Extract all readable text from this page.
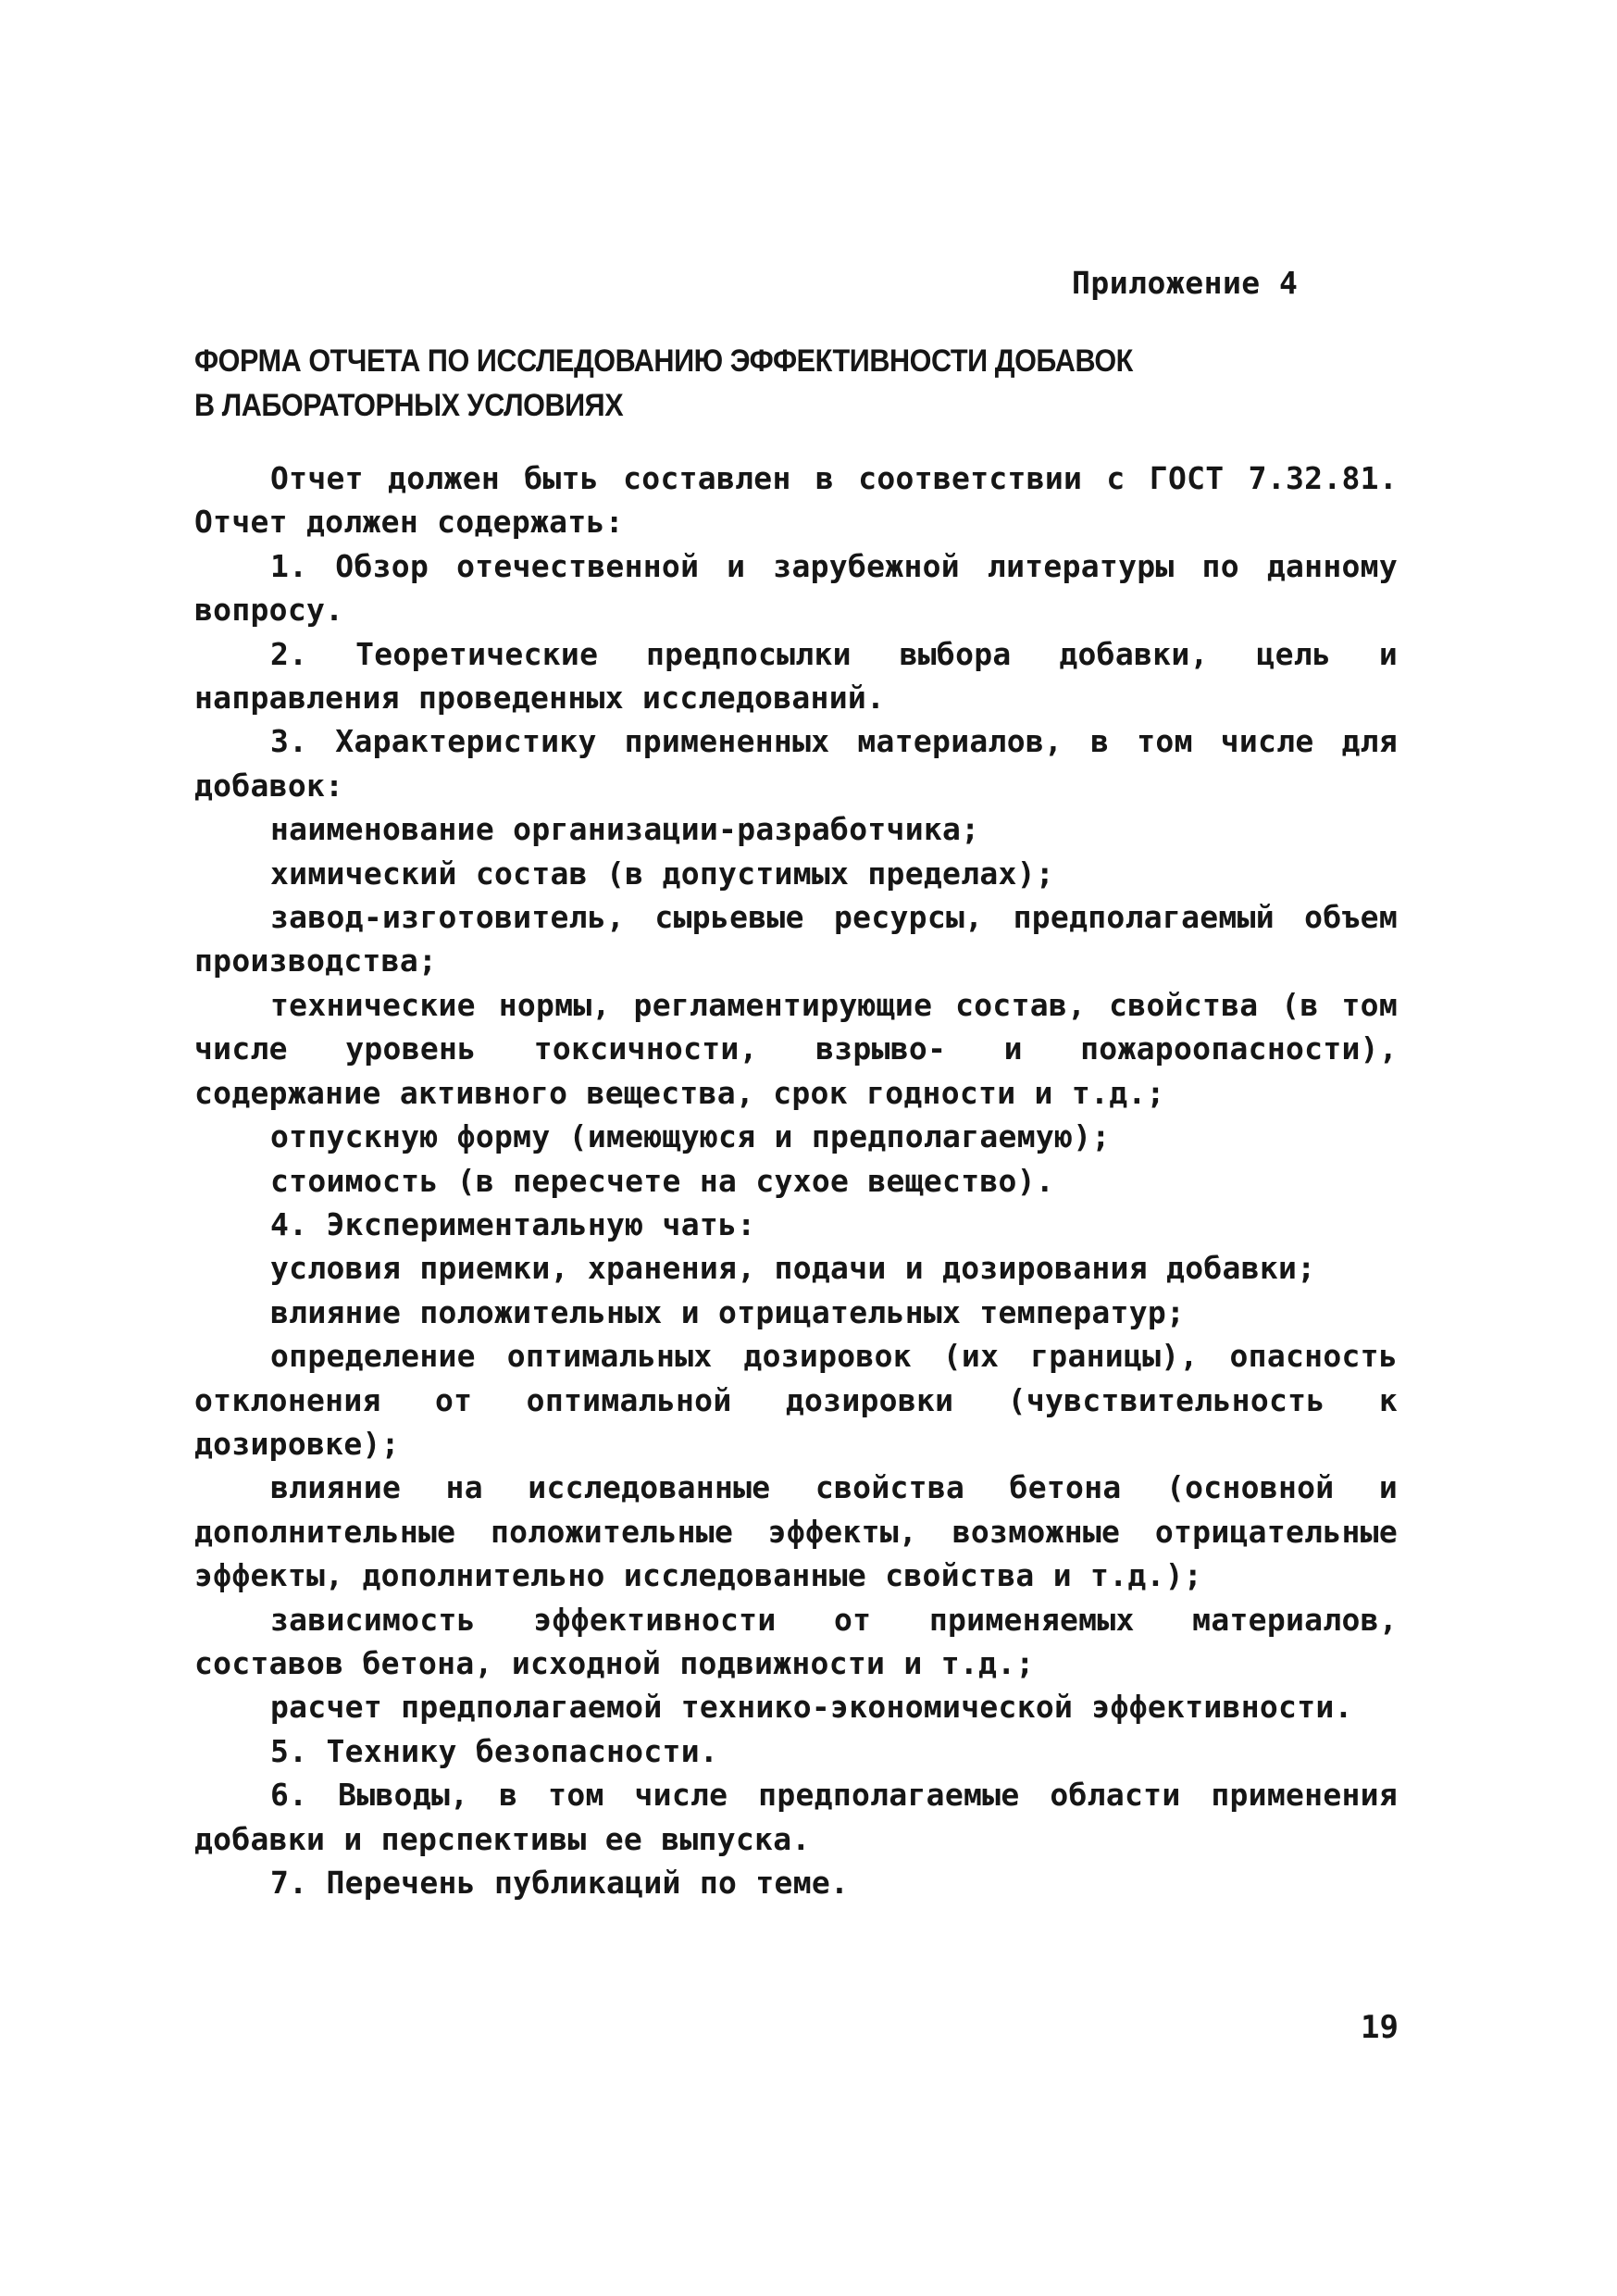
Приложение 4
ФОРМА ОТЧЕТА ПО ИССЛЕДОВАНИЮ ЭФФЕКТИВНОСТИ ДОБАВОК
В ЛАБОРАТОРНЫХ УСЛОВИЯХ

Отчет должен быть составлен в соответствии с ГОСТ 7.32.81. Отчет должен содержать:

1. Обзор отечественной и зарубежной литературы по данному вопросу.

2. Теоретические предпосылки выбора добавки, цель и направления проведенных исследований.

3. Характеристику примененных материалов, в том числе для добавок:

наименование организации-разработчика;

химический состав (в допустимых пределах);

завод-изготовитель, сырьевые ресурсы, предполагаемый объем производства;

технические нормы, регламентирующие состав, свойства (в том числе уровень токсичности, взрыво- и пожароопасности), содержание активного вещества, срок годности и т.д.;

отпускную форму (имеющуюся и предполагаемую);

стоимость (в пересчете на сухое вещество).

4. Экспериментальную чать:

условия приемки, хранения, подачи и дозирования добавки;

влияние положительных и отрицательных температур;

определение оптимальных дозировок (их границы), опасность отклонения от оптимальной дозировки (чувствительность к дозировке);

влияние на исследованные свойства бетона (основной и дополнительные положительные эффекты, возможные отрицательные эффекты, дополнительно исследованные свойства и т.д.);

зависимость эффективности от применяемых материалов, составов бетона, исходной подвижности и т.д.;

расчет предполагаемой технико-экономической эффективности.

5. Технику безопасности.

6. Выводы, в том числе предполагаемые области применения добавки и перспективы ее выпуска.

7. Перечень публикаций по теме.

19
